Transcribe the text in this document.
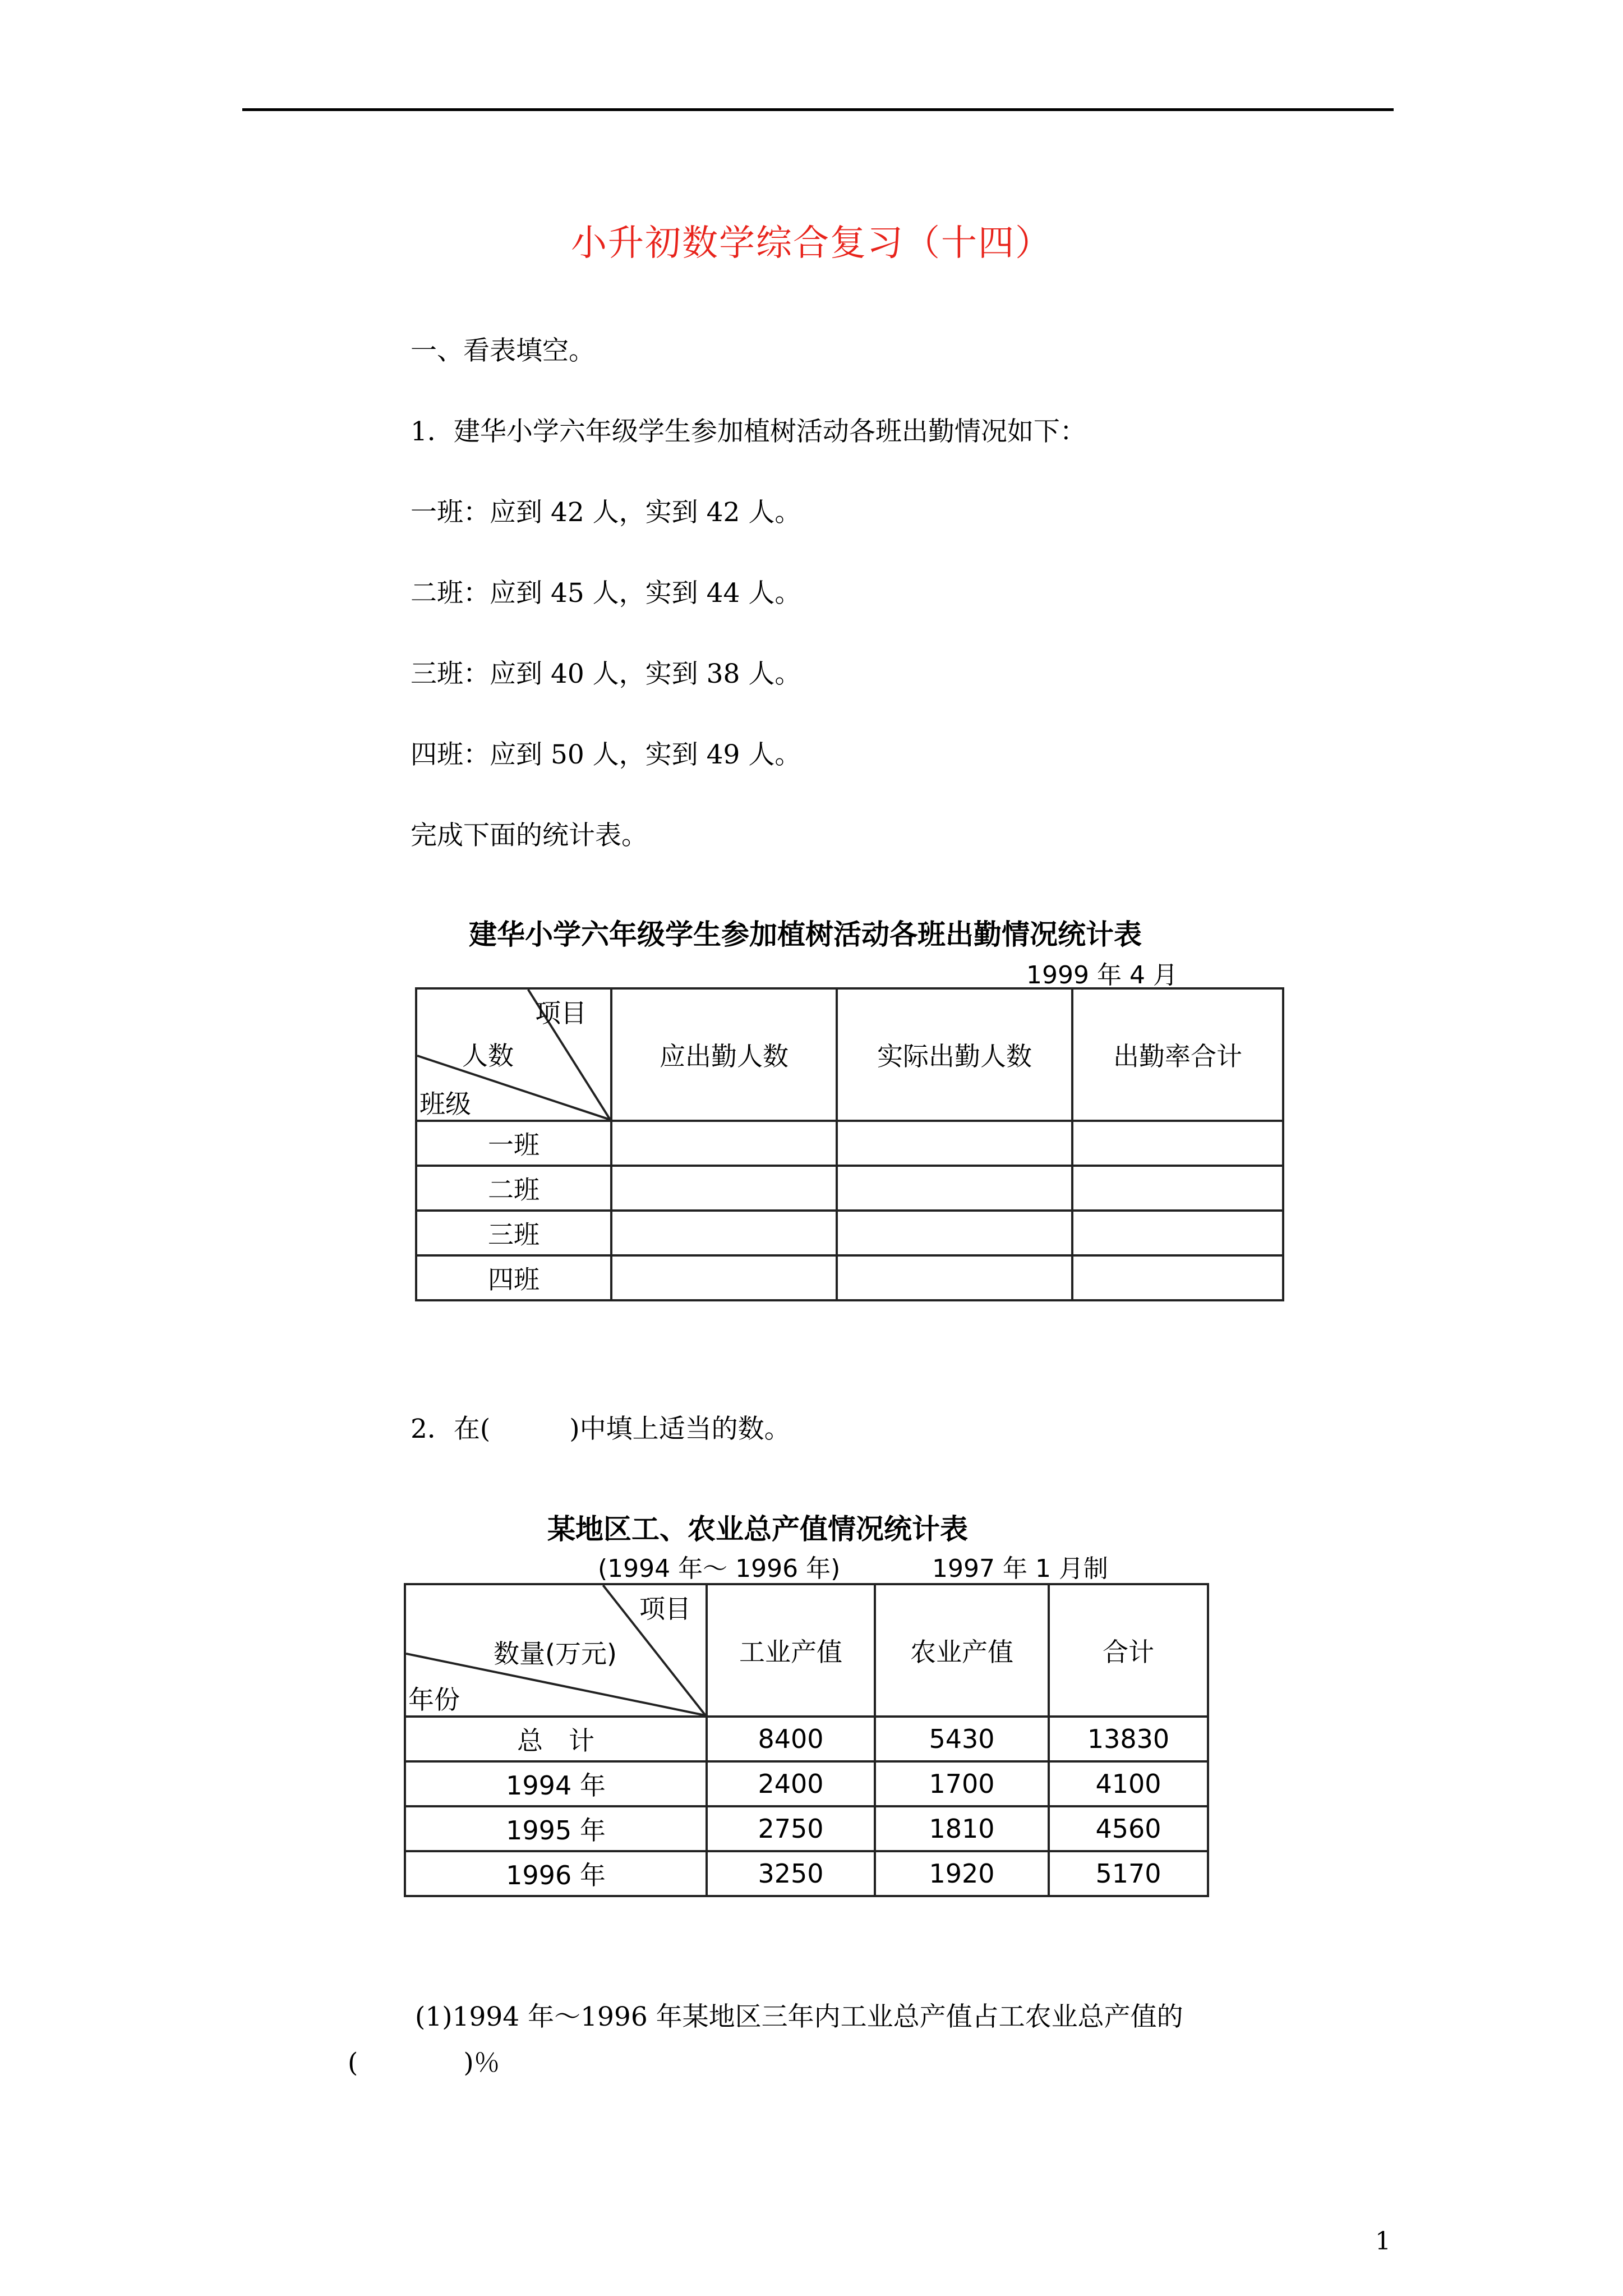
小升初数学综合复习（十四）
一、看表填空。
1．建华小学六年级学生参加植树活动各班出勤情况如下：
一班：应到 42 人，实到 42 人。
二班：应到 45 人，实到 44 人。
三班：应到 40 人，实到 38 人。
四班：应到 50 人，实到 49 人。
完成下面的统计表。
建华小学六年级学生参加植树活动各班出勤情况统计表
1999 年 4 月
项目
人数
班级	应出勤人数	实际出勤人数	出勤率合计
一班			
二班			
三班			
四班			
2．在(　　　)中填上适当的数。
某地区工、农业总产值情况统计表
(1994 年～ 1996 年)	1997 年 1 月制
项目
数量(万元)
年份	工业产值	农业产值	合计
总　计	8400	5430	13830
1994 年	2400	1700	4100
1995 年	2750	1810	4560
1996 年	3250	1920	5170
(1)1994 年～1996 年某地区三年内工业总产值占工农业总产值的
(　　　　)％
1
